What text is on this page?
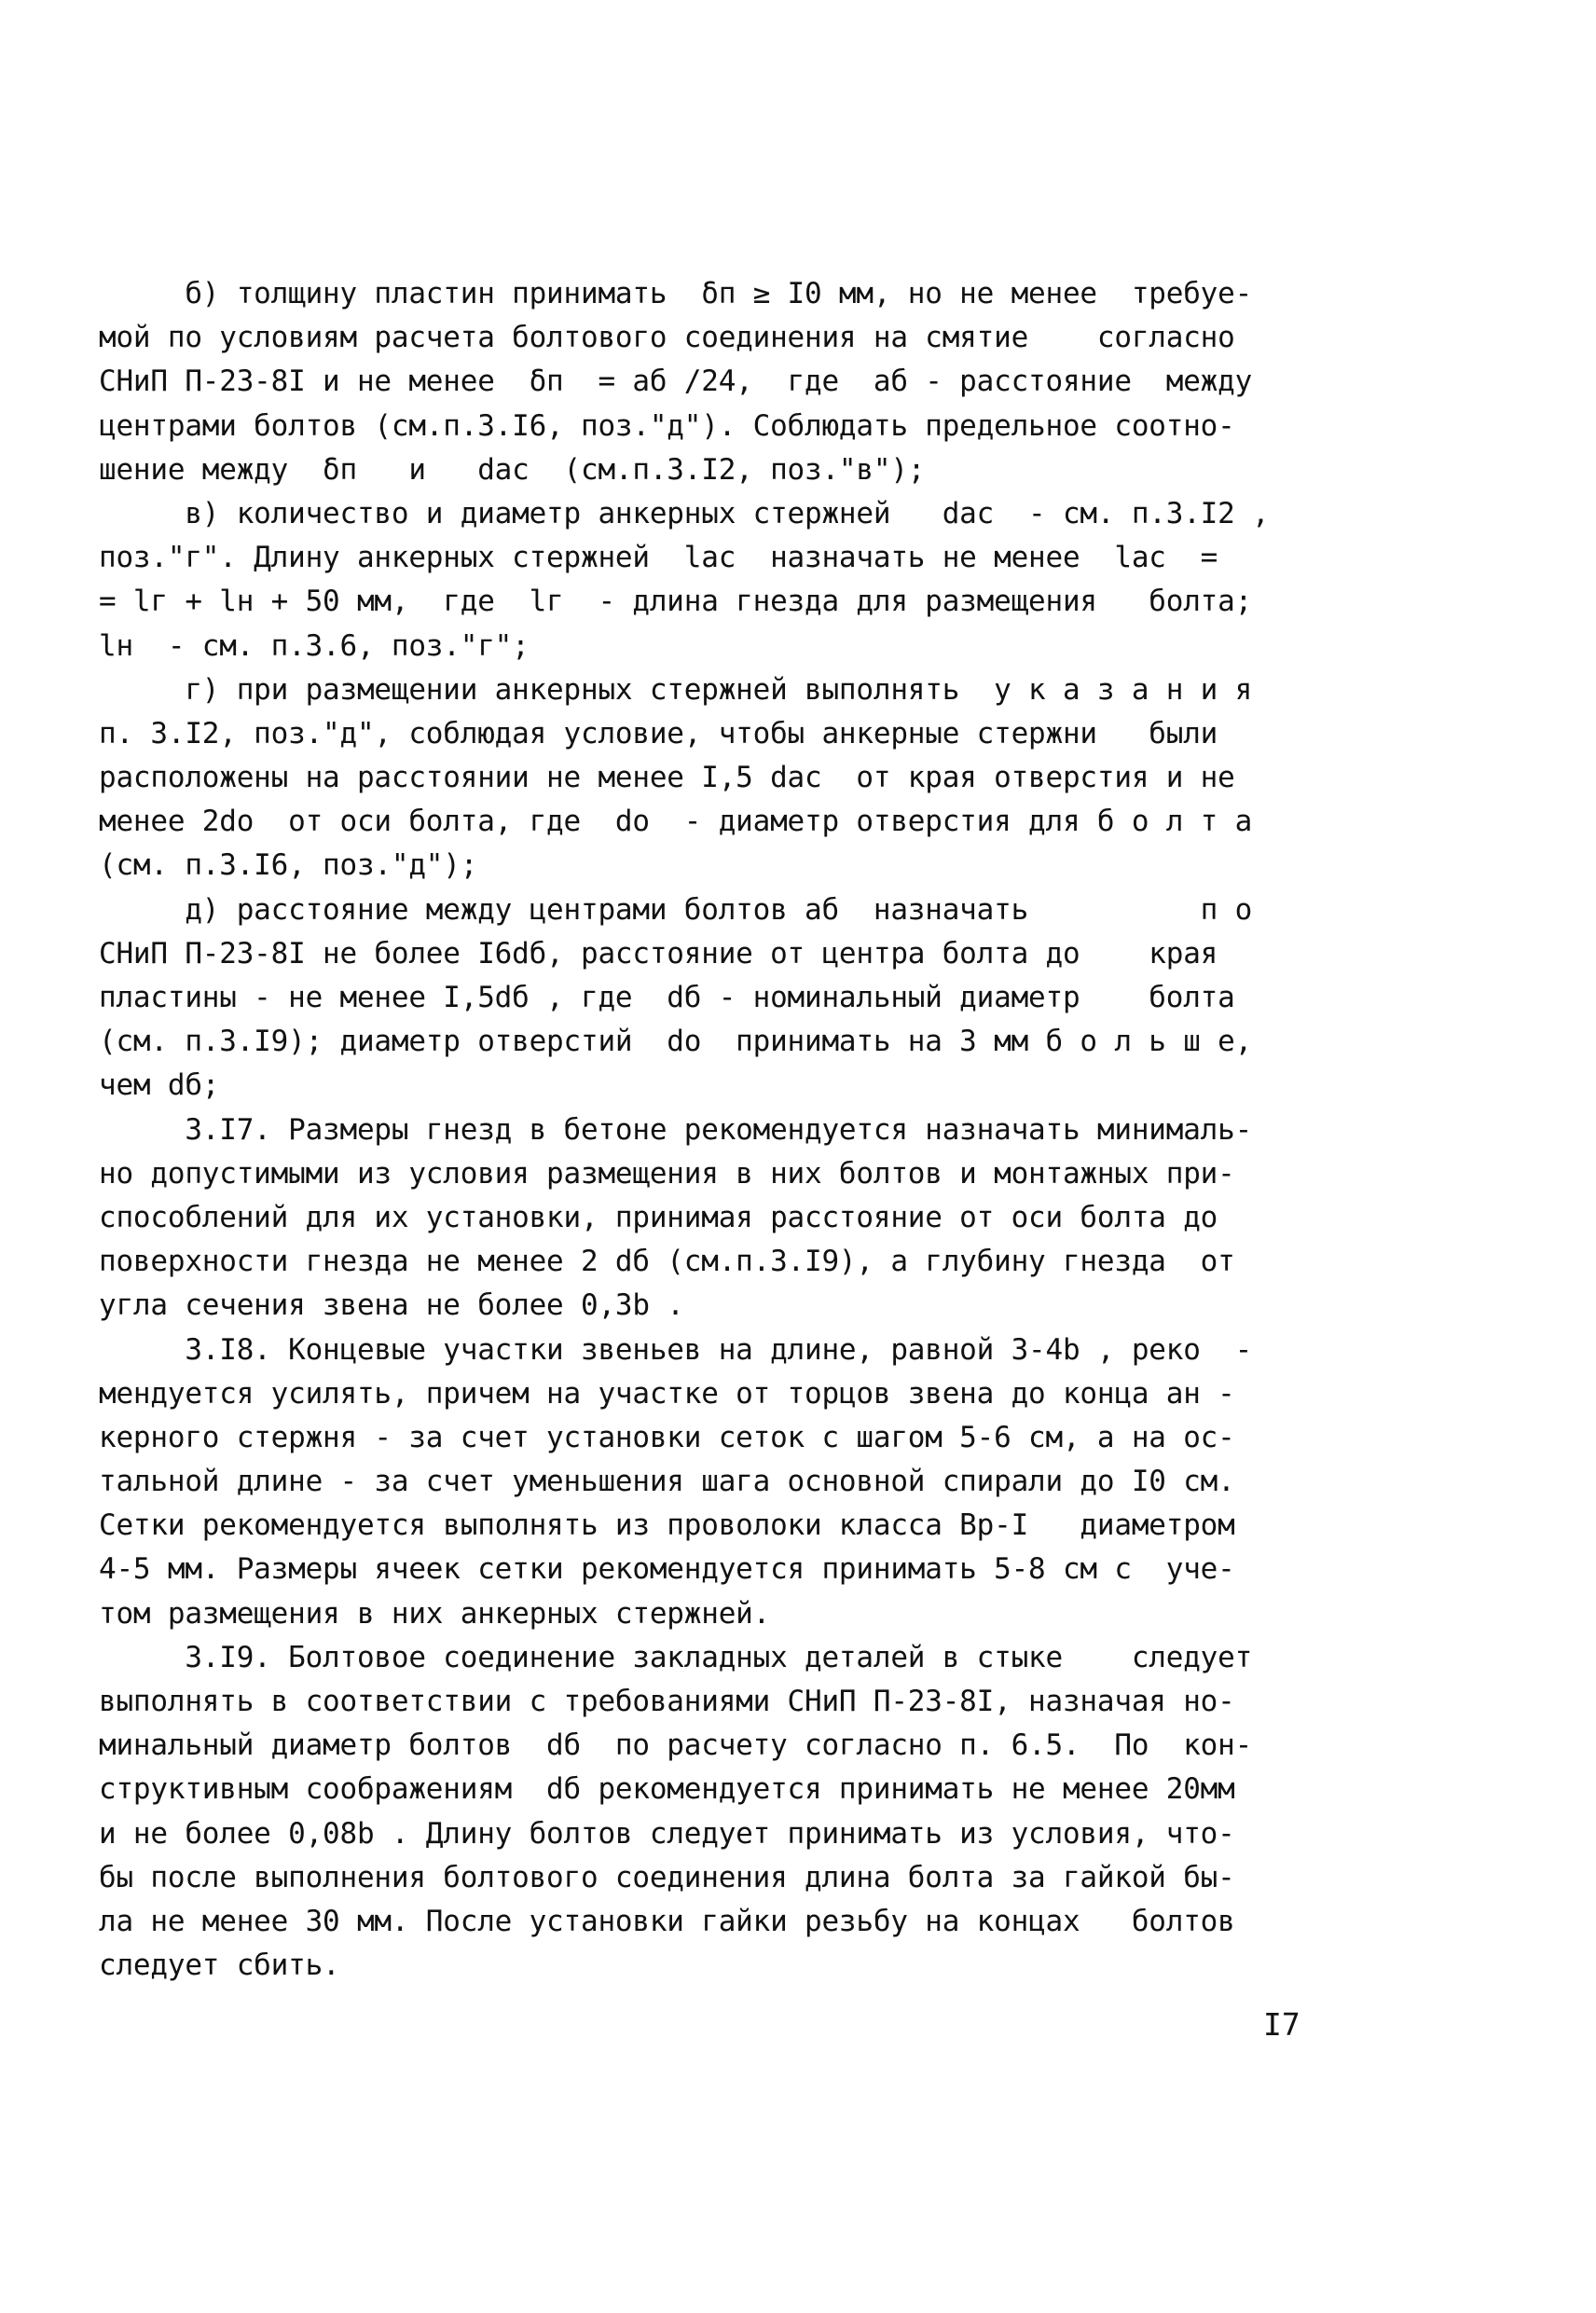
б) толщину пластин принимать  δп ≥ I0 мм, но не менее  требуе-
мой по условиям расчета болтового соединения на смятие    согласно
СНиП П-23-8I и не менее  δп  = аб /24,  где  аб - расстояние  между
центрами болтов (см.п.3.I6, поз."д"). Соблюдать предельное соотно-
шение между  δп   и   dас  (см.п.3.I2, поз."в");
в) количество и диаметр анкерных стержней   dас  - см. п.3.I2 ,
поз."г". Длину анкерных стержней  lас  назначать не менее  lас  =
= lг + lн + 50 мм,  где  lг  - длина гнезда для размещения   болта;
lн  - см. п.3.6, поз."г";
г) при размещении анкерных стержней выполнять  у к а з а н и я
п. 3.I2, поз."д", соблюдая условие, чтобы анкерные стержни   были
расположены на расстоянии не менее I,5 dас  от края отверстия и не
менее 2dо  от оси болта, где  dо  - диаметр отверстия для б о л т а
(см. п.3.I6, поз."д");
д) расстояние между центрами болтов аб  назначать          п о
СНиП П-23-8I не более I6dб, расстояние от центра болта до    края
пластины - не менее I,5dб , где  dб - номинальный диаметр    болта
(см. п.3.I9); диаметр отверстий  dо  принимать на 3 мм б о л ь ш е,
чем dб;
3.I7. Размеры гнезд в бетоне рекомендуется назначать минималь-
но допустимыми из условия размещения в них болтов и монтажных при-
способлений для их установки, принимая расстояние от оси болта до
поверхности гнезда не менее 2 dб (см.п.3.I9), а глубину гнезда  от
угла сечения звена не более 0,3b .
3.I8. Концевые участки звеньев на длине, равной 3-4b , реко  -
мендуется усилять, причем на участке от торцов звена до конца ан -
керного стержня - за счет установки сеток с шагом 5-6 см, а на ос-
тальной длине - за счет уменьшения шага основной спирали до I0 см.
Сетки рекомендуется выполнять из проволоки класса Вр-I   диаметром
4-5 мм. Размеры ячеек сетки рекомендуется принимать 5-8 см с  уче-
том размещения в них анкерных стержней.
3.I9. Болтовое соединение закладных деталей в стыке    следует
выполнять в соответствии с требованиями СНиП П-23-8I, назначая но-
минальный диаметр болтов  dб  по расчету согласно п. 6.5.  По  кон-
структивным соображениям  dб рекомендуется принимать не менее 20мм
и не более 0,08b . Длину болтов следует принимать из условия, что-
бы после выполнения болтового соединения длина болта за гайкой бы-
ла не менее 30 мм. После установки гайки резьбу на концах   болтов
следует сбить.
I7
